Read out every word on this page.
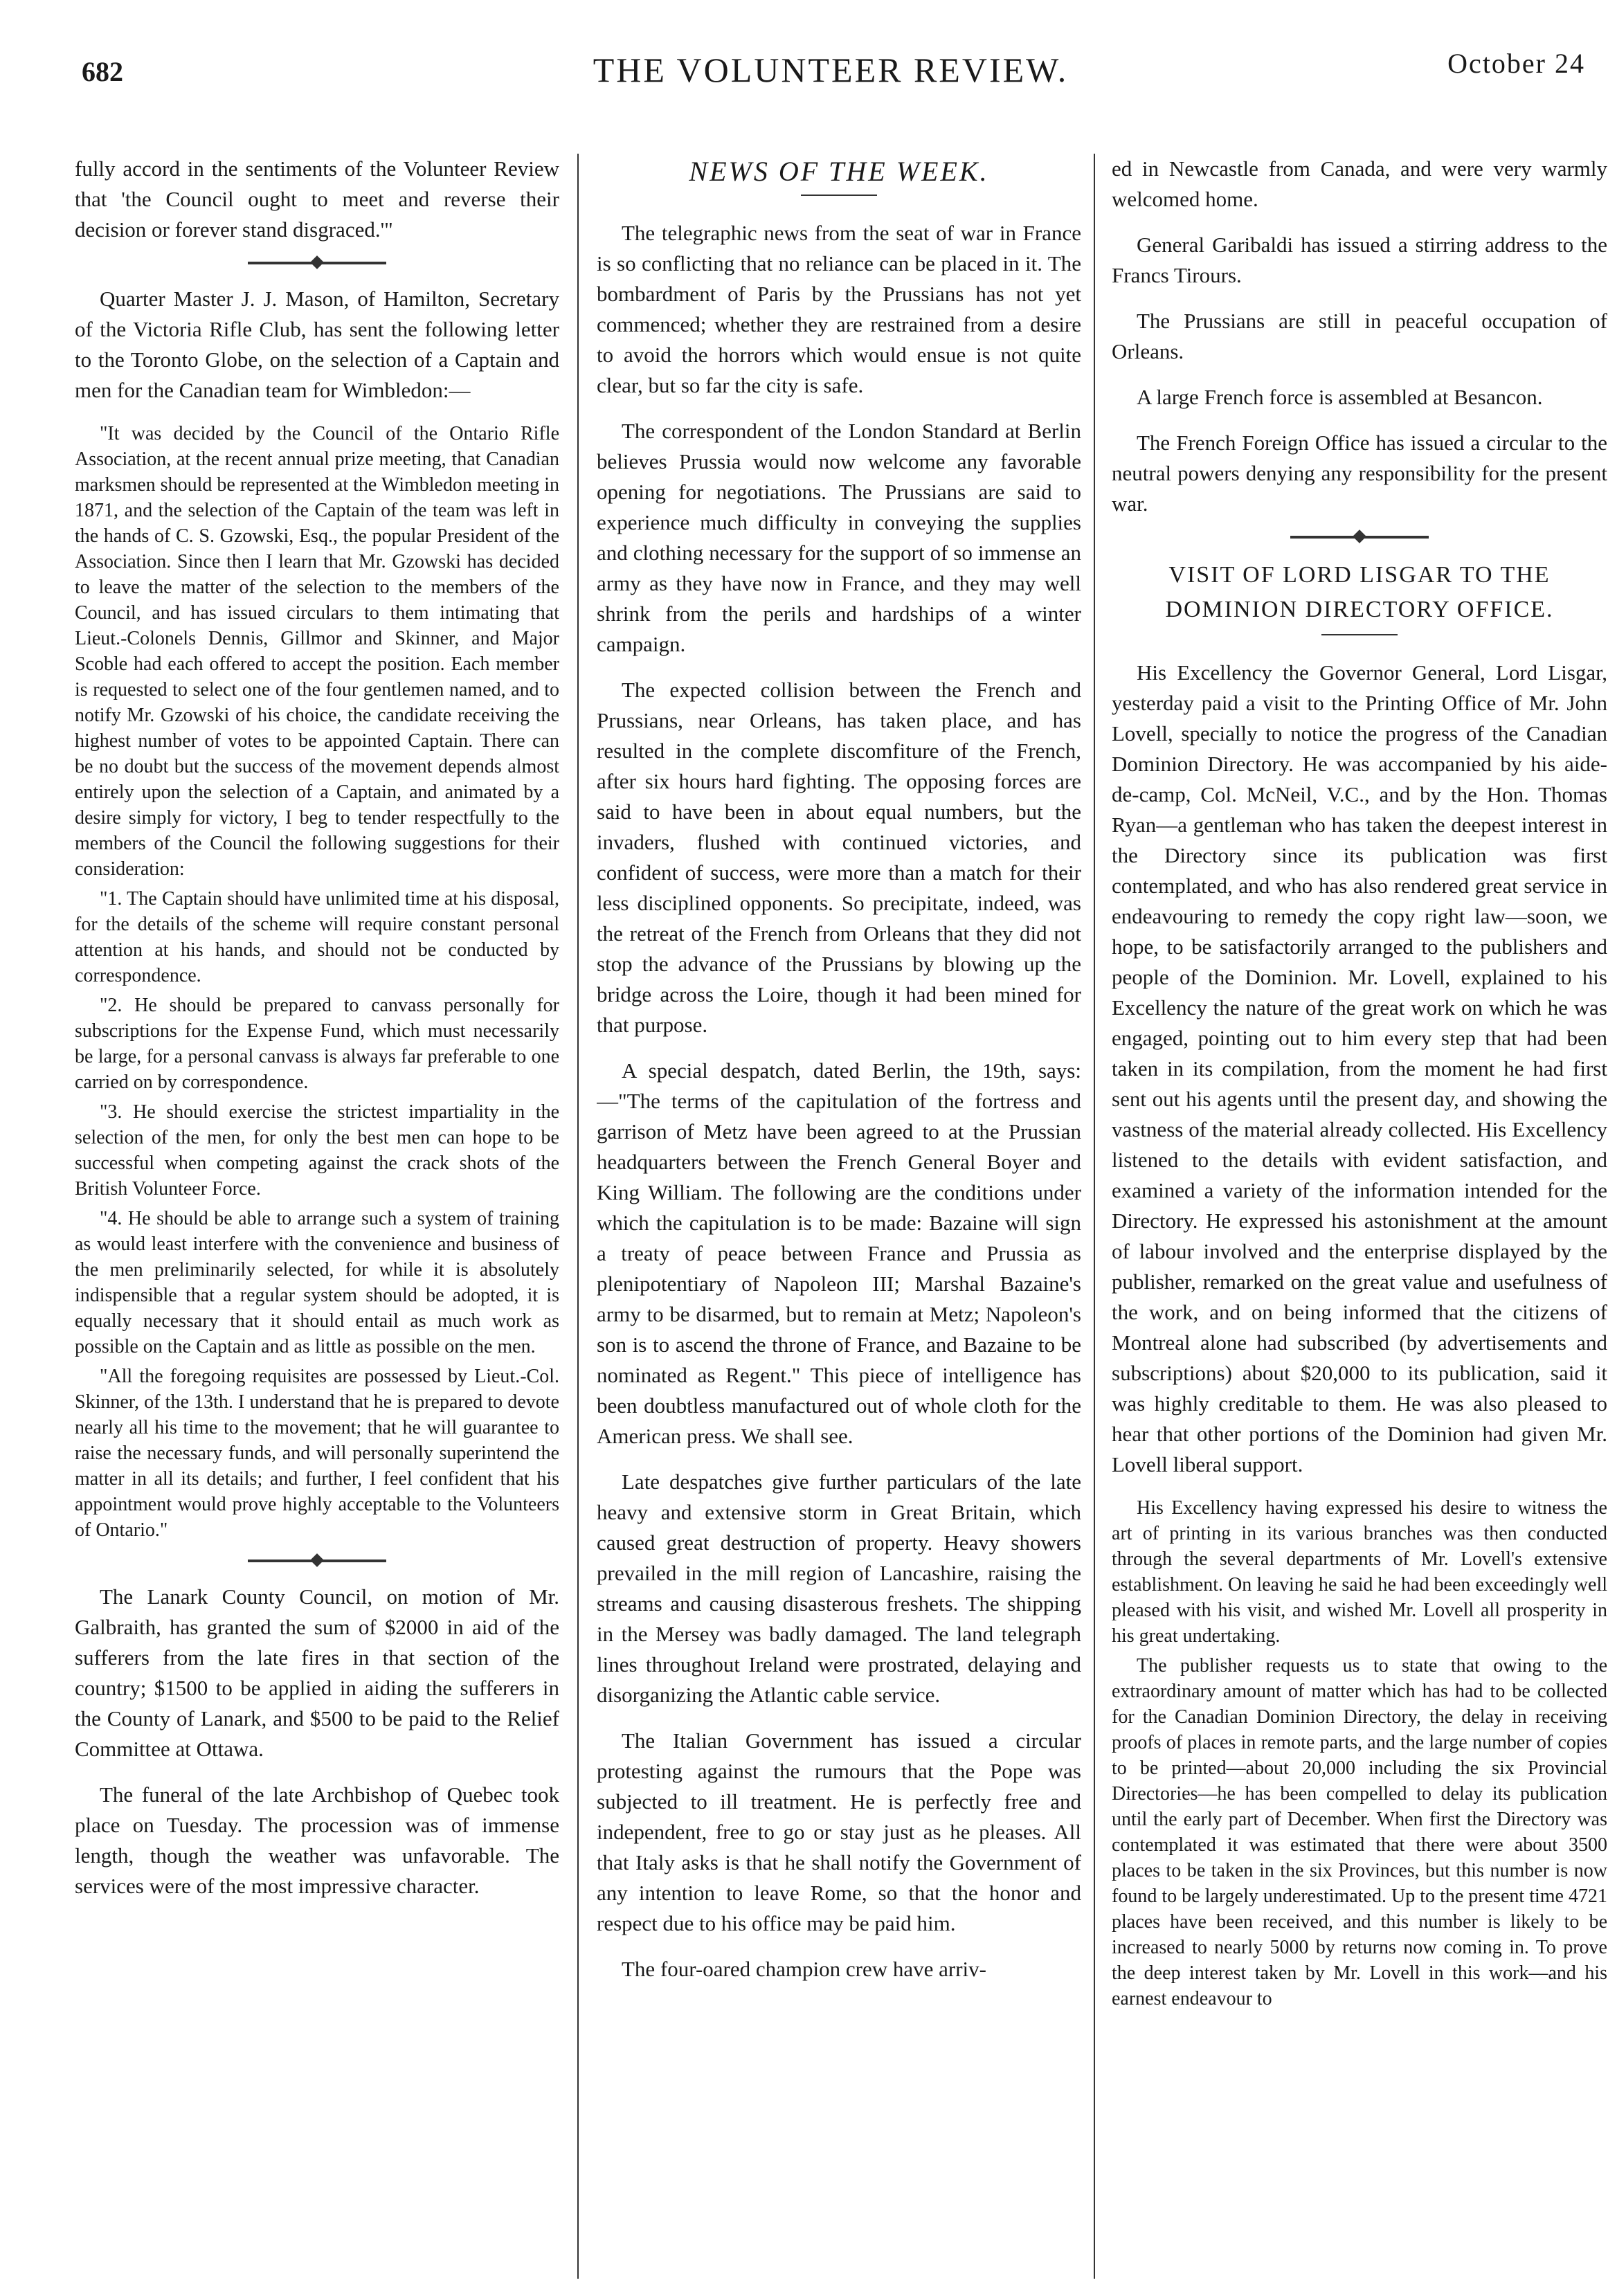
682	THE VOLUNTEER REVIEW.	October 24

fully accord in the sentiments of the Volunteer Review that 'the Council ought to meet and reverse their decision or forever stand disgraced.'"

Quarter Master J. J. Mason, of Hamilton, Secretary of the Victoria Rifle Club, has sent the following letter to the Toronto Globe, on the selection of a Captain and men for the Canadian team for Wimbledon:—

"It was decided by the Council of the Ontario Rifle Association, at the recent annual prize meeting, that Canadian marksmen should be represented at the Wimbledon meeting in 1871, and the selection of the Captain of the team was left in the hands of C. S. Gzowski, Esq., the popular President of the Association. Since then I learn that Mr. Gzowski has decided to leave the matter of the selection to the members of the Council, and has issued circulars to them intimating that Lieut.-Colonels Dennis, Gillmor and Skinner, and Major Scoble had each offered to accept the position. Each member is requested to select one of the four gentlemen named, and to notify Mr. Gzowski of his choice, the candidate receiving the highest number of votes to be appointed Captain. There can be no doubt but the success of the movement depends almost entirely upon the selection of a Captain, and animated by a desire simply for victory, I beg to tender respectfully to the members of the Council the following suggestions for their consideration:

"1. The Captain should have unlimited time at his disposal, for the details of the scheme will require constant personal attention at his hands, and should not be conducted by correspondence.

"2. He should be prepared to canvass personally for subscriptions for the Expense Fund, which must necessarily be large, for a personal canvass is always far preferable to one carried on by correspondence.

"3. He should exercise the strictest impartiality in the selection of the men, for only the best men can hope to be successful when competing against the crack shots of the British Volunteer Force.

"4. He should be able to arrange such a system of training as would least interfere with the convenience and business of the men preliminarily selected, for while it is absolutely indispensible that a regular system should be adopted, it is equally necessary that it should entail as much work as possible on the Captain and as little as possible on the men.

"All the foregoing requisites are possessed by Lieut.-Col. Skinner, of the 13th. I understand that he is prepared to devote nearly all his time to the movement; that he will guarantee to raise the necessary funds, and will personally superintend the matter in all its details; and further, I feel confident that his appointment would prove highly acceptable to the Volunteers of Ontario."

The Lanark County Council, on motion of Mr. Galbraith, has granted the sum of $2000 in aid of the sufferers from the late fires in that section of the country; $1500 to be applied in aiding the sufferers in the County of Lanark, and $500 to be paid to the Relief Committee at Ottawa.

The funeral of the late Archbishop of Quebec took place on Tuesday. The procession was of immense length, though the weather was unfavorable. The services were of the most impressive character.

NEWS OF THE WEEK.

The telegraphic news from the seat of war in France is so conflicting that no reliance can be placed in it. The bombardment of Paris by the Prussians has not yet commenced; whether they are restrained from a desire to avoid the horrors which would ensue is not quite clear, but so far the city is safe.

The correspondent of the London Standard at Berlin believes Prussia would now welcome any favorable opening for negotiations. The Prussians are said to experience much difficulty in conveying the supplies and clothing necessary for the support of so immense an army as they have now in France, and they may well shrink from the perils and hardships of a winter campaign.

The expected collision between the French and Prussians, near Orleans, has taken place, and has resulted in the complete discomfiture of the French, after six hours hard fighting. The opposing forces are said to have been in about equal numbers, but the invaders, flushed with continued victories, and confident of success, were more than a match for their less disciplined opponents. So precipitate, indeed, was the retreat of the French from Orleans that they did not stop the advance of the Prussians by blowing up the bridge across the Loire, though it had been mined for that purpose.

A special despatch, dated Berlin, the 19th, says:—"The terms of the capitulation of the fortress and garrison of Metz have been agreed to at the Prussian headquarters between the French General Boyer and King William. The following are the conditions under which the capitulation is to be made: Bazaine will sign a treaty of peace between France and Prussia as plenipotentiary of Napoleon III; Marshal Bazaine's army to be disarmed, but to remain at Metz; Napoleon's son is to ascend the throne of France, and Bazaine to be nominated as Regent." This piece of intelligence has been doubtless manufactured out of whole cloth for the American press. We shall see.

Late despatches give further particulars of the late heavy and extensive storm in Great Britain, which caused great destruction of property. Heavy showers prevailed in the mill region of Lancashire, raising the streams and causing disasterous freshets. The shipping in the Mersey was badly damaged. The land telegraph lines throughout Ireland were prostrated, delaying and disorganizing the Atlantic cable service.

The Italian Government has issued a circular protesting against the rumours that the Pope was subjected to ill treatment. He is perfectly free and independent, free to go or stay just as he pleases. All that Italy asks is that he shall notify the Government of any intention to leave Rome, so that the honor and respect due to his office may be paid him.

The four-oared champion crew have arriv-

ed in Newcastle from Canada, and were very warmly welcomed home.

General Garibaldi has issued a stirring address to the Francs Tirours.

The Prussians are still in peaceful occupation of Orleans.

A large French force is assembled at Besancon.

The French Foreign Office has issued a circular to the neutral powers denying any responsibility for the present war.

VISIT OF LORD LISGAR TO THE DOMINION DIRECTORY OFFICE.

His Excellency the Governor General, Lord Lisgar, yesterday paid a visit to the Printing Office of Mr. John Lovell, specially to notice the progress of the Canadian Dominion Directory. He was accompanied by his aide-de-camp, Col. McNeil, V.C., and by the Hon. Thomas Ryan—a gentleman who has taken the deepest interest in the Directory since its publication was first contemplated, and who has also rendered great service in endeavouring to remedy the copy right law—soon, we hope, to be satisfactorily arranged to the publishers and people of the Dominion. Mr. Lovell, explained to his Excellency the nature of the great work on which he was engaged, pointing out to him every step that had been taken in its compilation, from the moment he had first sent out his agents until the present day, and showing the vastness of the material already collected. His Excellency listened to the details with evident satisfaction, and examined a variety of the information intended for the Directory. He expressed his astonishment at the amount of labour involved and the enterprise displayed by the publisher, remarked on the great value and usefulness of the work, and on being informed that the citizens of Montreal alone had subscribed (by advertisements and subscriptions) about $20,000 to its publication, said it was highly creditable to them. He was also pleased to hear that other portions of the Dominion had given Mr. Lovell liberal support.

His Excellency having expressed his desire to witness the art of printing in its various branches was then conducted through the several departments of Mr. Lovell's extensive establishment. On leaving he said he had been exceedingly well pleased with his visit, and wished Mr. Lovell all prosperity in his great undertaking.

The publisher requests us to state that owing to the extraordinary amount of matter which has had to be collected for the Canadian Dominion Directory, the delay in receiving proofs of places in remote parts, and the large number of copies to be printed—about 20,000 including the six Provincial Directories—he has been compelled to delay its publication until the early part of December. When first the Directory was contemplated it was estimated that there were about 3500 places to be taken in the six Provinces, but this number is now found to be largely underestimated. Up to the present time 4721 places have been received, and this number is likely to be increased to nearly 5000 by returns now coming in. To prove the deep interest taken by Mr. Lovell in this work—and his earnest endeavour to
